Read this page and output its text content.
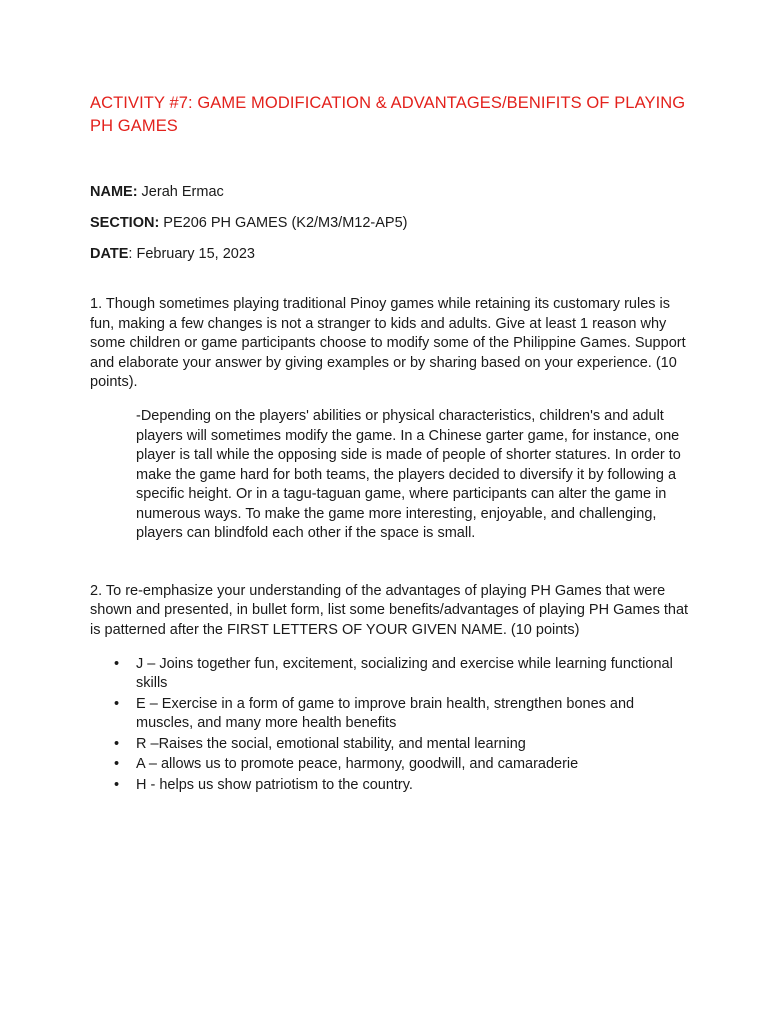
ACTIVITY #7: GAME MODIFICATION & ADVANTAGES/BENIFITS OF PLAYING PH GAMES

NAME: Jerah Ermac

SECTION: PE206 PH GAMES (K2/M3/M12-AP5)

DATE: February 15, 2023

1. Though sometimes playing traditional Pinoy games while retaining its customary rules is fun, making a few changes is not a stranger to kids and adults. Give at least 1 reason why some children or game participants choose to modify some of the Philippine Games. Support and elaborate your answer by giving examples or by sharing based on your experience. (10 points).

-Depending on the players' abilities or physical characteristics, children's and adult players will sometimes modify the game. In a Chinese garter game, for instance, one player is tall while the opposing side is made of people of shorter statures. In order to make the game hard for both teams, the players decided to diversify it by following a specific height. Or in a tagu-taguan game, where participants can alter the game in numerous ways. To make the game more interesting, enjoyable, and challenging, players can blindfold each other if the space is small.

2. To re-emphasize your understanding of the advantages of playing PH Games that were shown and presented, in bullet form, list some benefits/advantages of playing PH Games that is patterned after the FIRST LETTERS OF YOUR GIVEN NAME. (10 points)

• J – Joins together fun, excitement, socializing and exercise while learning functional skills
• E – Exercise in a form of game to improve brain health, strengthen bones and muscles, and many more health benefits
• R –Raises the social, emotional stability, and mental learning
• A – allows us to promote peace, harmony, goodwill, and camaraderie
• H - helps us show patriotism to the country.
